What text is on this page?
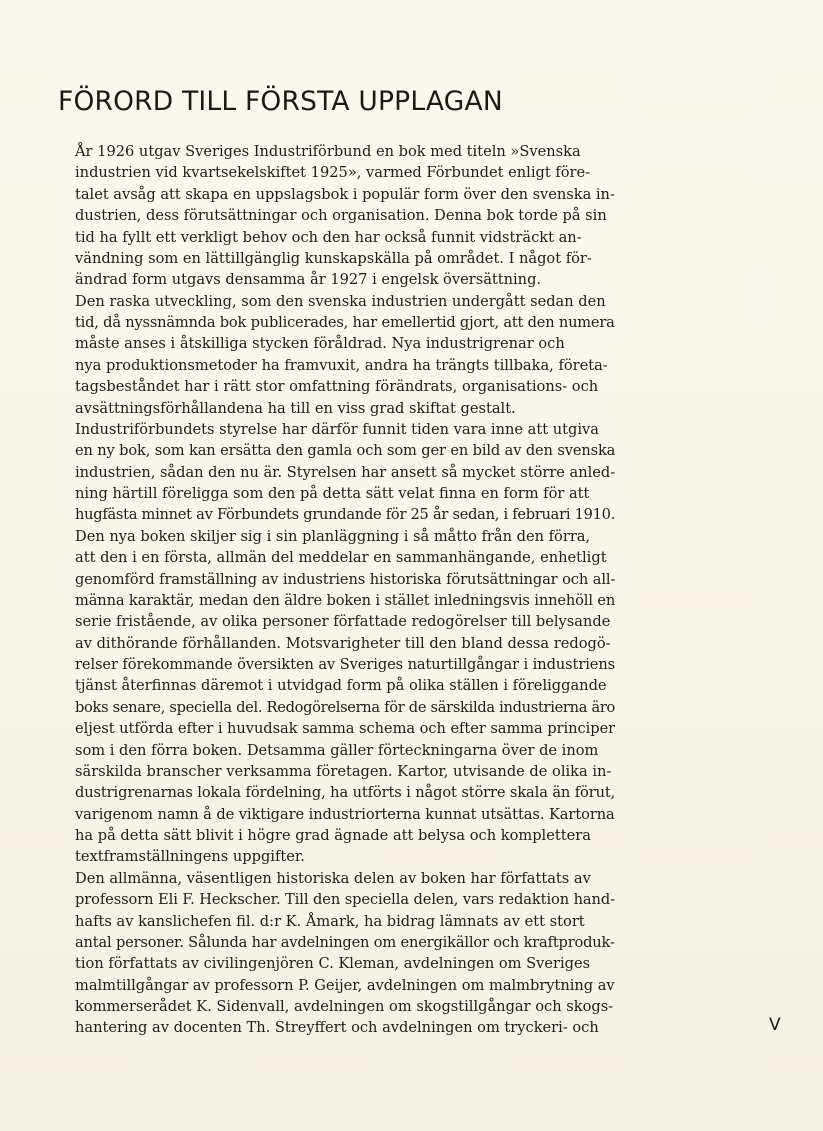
FÖRORD TILL FÖRSTA UPPLAGAN

År 1926 utgav Sveriges Industriförbund en bok med titeln »Svenska
industrien vid kvartsekelskiftet 1925», varmed Förbundet enligt före-
talet avsåg att skapa en uppslagsbok i populär form över den svenska in-
dustrien, dess förutsättningar och organisation. Denna bok torde på sin
tid ha fyllt ett verkligt behov och den har också funnit vidsträckt an-
vändning som en lättillgänglig kunskapskälla på området. I något för-
ändrad form utgavs densamma år 1927 i engelsk översättning.

Den raska utveckling, som den svenska industrien undergått sedan den
tid, då nyssnämnda bok publicerades, har emellertid gjort, att den numera
måste anses i åtskilliga stycken föråldrad. Nya industrigrenar och
nya produktionsmetoder ha framvuxit, andra ha trängts tillbaka, företa-
tagsbeståndet har i rätt stor omfattning förändrats, organisations- och
avsättningsförhållandena ha till en viss grad skiftat gestalt.

Industriförbundets styrelse har därför funnit tiden vara inne att utgiva
en ny bok, som kan ersätta den gamla och som ger en bild av den svenska
industrien, sådan den nu är. Styrelsen har ansett så mycket större anled-
ning härtill föreligga som den på detta sätt velat finna en form för att
hugfästa minnet av Förbundets grundande för 25 år sedan, i februari 1910.

Den nya boken skiljer sig i sin planläggning i så måtto från den förra,
att den i en första, allmän del meddelar en sammanhängande, enhetligt
genomförd framställning av industriens historiska förutsättningar och all-
männa karaktär, medan den äldre boken i stället inledningsvis innehöll en
serie fristående, av olika personer författade redogörelser till belysande
av dithörande förhållanden. Motsvarigheter till den bland dessa redogö-
relser förekommande översikten av Sveriges naturtillgångar i industriens
tjänst återfinnas däremot i utvidgad form på olika ställen i föreliggande
boks senare, speciella del. Redogörelserna för de särskilda industrierna äro
eljest utförda efter i huvudsak samma schema och efter samma principer
som i den förra boken. Detsamma gäller förteckningarna över de inom
särskilda branscher verksamma företagen. Kartor, utvisande de olika in-
dustrigrenarnas lokala fördelning, ha utförts i något större skala än förut,
varigenom namn å de viktigare industriorterna kunnat utsättas. Kartorna
ha på detta sätt blivit i högre grad ägnade att belysa och komplettera
textframställningens uppgifter.

Den allmänna, väsentligen historiska delen av boken har författats av
professorn Eli F. Heckscher. Till den speciella delen, vars redaktion hand-
hafts av kanslichefen fil. d:r K. Åmark, ha bidrag lämnats av ett stort
antal personer. Sålunda har avdelningen om energikällor och kraftproduk-
tion författats av civilingenjören C. Kleman, avdelningen om Sveriges
malmtillgångar av professorn P. Geijer, avdelningen om malmbrytning av
kommerserådet K. Sidenvall, avdelningen om skogstillgångar och skogs-
hantering av docenten Th. Streyffert och avdelningen om tryckeri- och	V
